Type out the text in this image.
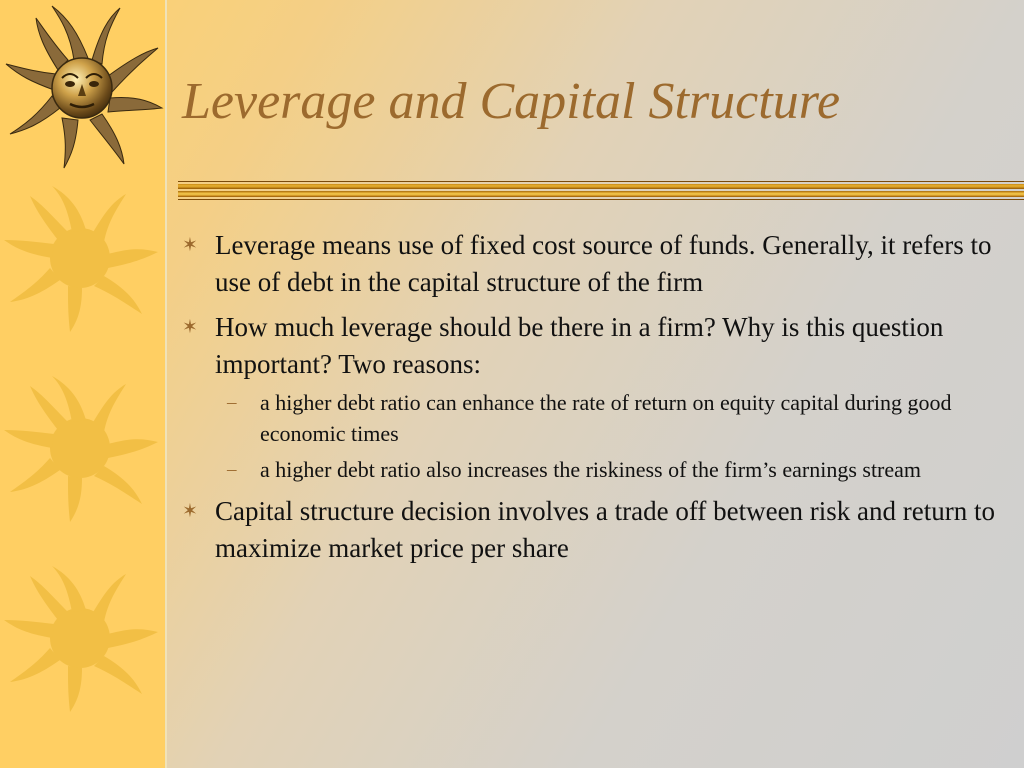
Leverage and Capital Structure
✶ Leverage means use of fixed cost source of funds. Generally, it refers to use of debt in the capital structure of the firm
✶ How much leverage should be there in a firm? Why is this question important? Two reasons:
– a higher debt ratio can enhance the rate of return on equity capital during good economic times
– a higher debt ratio also increases the riskiness of the firm’s earnings stream
✶ Capital structure decision involves a trade off between risk and return to maximize market price per share
